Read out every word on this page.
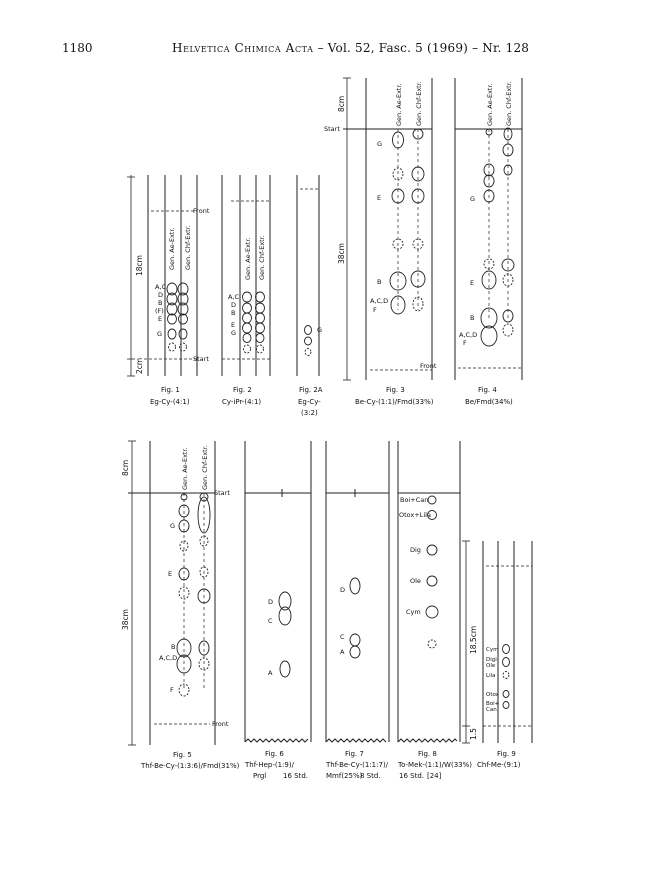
1180	Helvetica Chimica Acta – Vol. 52, Fasc. 5 (1969) – Nr. 128
Gen. Ae-Extr. Gen. Chf-Extr.
Front
Start
18cm
2cm
A,C
D
B
(F)
E
G
Fig. 1
Eg-Cy-(4:1)
Gen. Ae-Extr. Gen. Chf-Extr.
A,C
D
B
E
G
Fig. 2
Cy-iPr-(4:1)
G
Fig. 2A
Eg-Cy-
(3:2)
Gen. Ae-Extr. Gen. Chf-Extr.
Start
Front
8cm
38cm
G
E
B
A,C,D
F
Fig. 3
Be-Cy-(1:1)/Fmd(33%)
Gen. Ae-Extr. Gen. Chf-Extr.
G
E
B
A,C,D
F
Fig. 4
Be/Fmd(34%)
Gen. Ae-Extr. Gen. Chf-Extr.
Start
Front
8cm
38cm
G
E
B
A,C,D
F
Fig. 5
Thf-Be-Cy-(1:3:6)/Fmd(31%)
D
C
A
Fig. 6
Thf-Hep-(1:9)/
Prgl 16 Std.
D
C
A
Fig. 7
Thf-Be-Cy-(1:1:7)/
Mmf(25%)
8 Std.
Boi+Can
Otox+Lila
Dig
Ole
Cym
Fig. 8
To-Mek-(1:1)/W(33%)
16 Std. [24]
18.5cm
1.5
Cym
Digi
Ole
Lila
Otox
Boi+
Can
Fig. 9
Chf-Me-(9:1)
